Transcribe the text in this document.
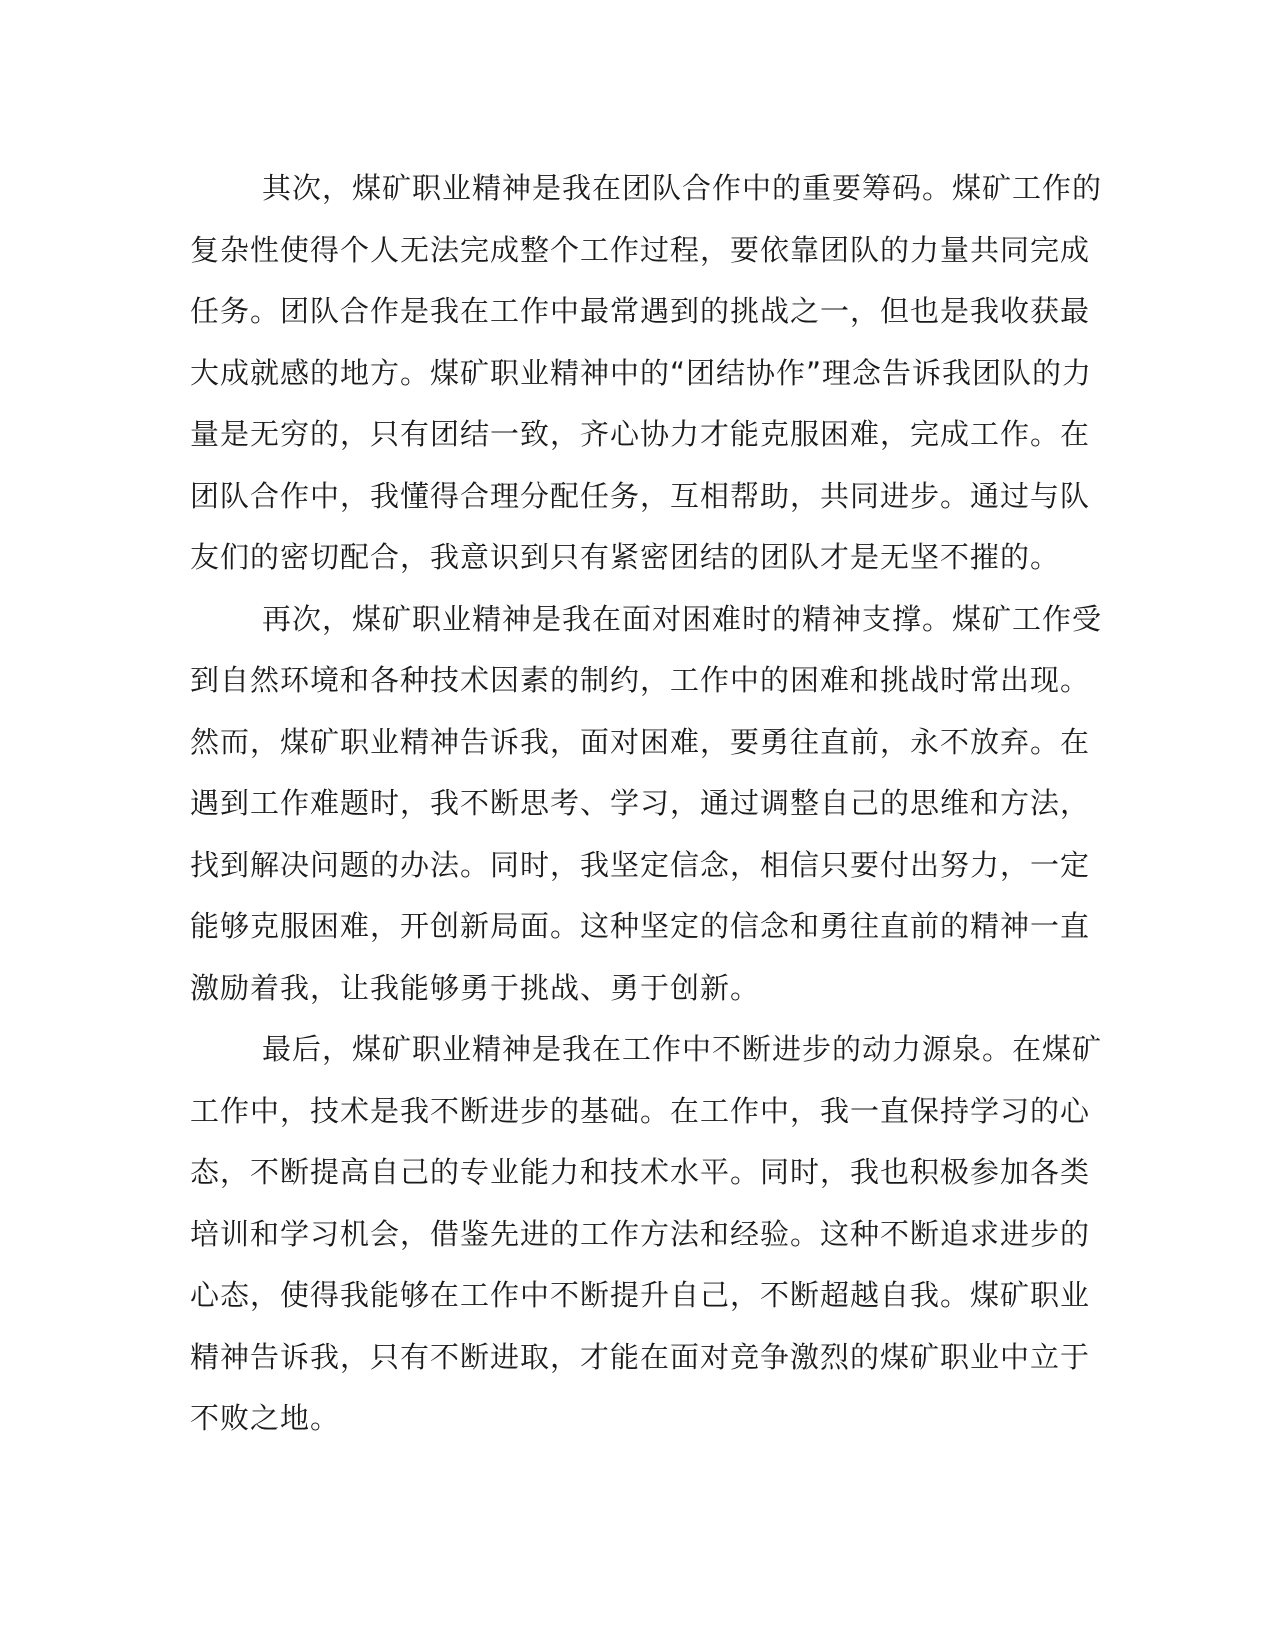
其次，煤矿职业精神是我在团队合作中的重要筹码。煤矿工作的
复杂性使得个人无法完成整个工作过程，要依靠团队的力量共同完成
任务。团队合作是我在工作中最常遇到的挑战之一，但也是我收获最
大成就感的地方。煤矿职业精神中的“团结协作”理念告诉我团队的力
量是无穷的，只有团结一致，齐心协力才能克服困难，完成工作。在
团队合作中，我懂得合理分配任务，互相帮助，共同进步。通过与队
友们的密切配合，我意识到只有紧密团结的团队才是无坚不摧的。
再次，煤矿职业精神是我在面对困难时的精神支撑。煤矿工作受
到自然环境和各种技术因素的制约，工作中的困难和挑战时常出现。
然而，煤矿职业精神告诉我，面对困难，要勇往直前，永不放弃。在
遇到工作难题时，我不断思考、学习，通过调整自己的思维和方法，
找到解决问题的办法。同时，我坚定信念，相信只要付出努力，一定
能够克服困难，开创新局面。这种坚定的信念和勇往直前的精神一直
激励着我，让我能够勇于挑战、勇于创新。
最后，煤矿职业精神是我在工作中不断进步的动力源泉。在煤矿
工作中，技术是我不断进步的基础。在工作中，我一直保持学习的心
态，不断提高自己的专业能力和技术水平。同时，我也积极参加各类
培训和学习机会，借鉴先进的工作方法和经验。这种不断追求进步的
心态，使得我能够在工作中不断提升自己，不断超越自我。煤矿职业
精神告诉我，只有不断进取，才能在面对竞争激烈的煤矿职业中立于
不败之地。
